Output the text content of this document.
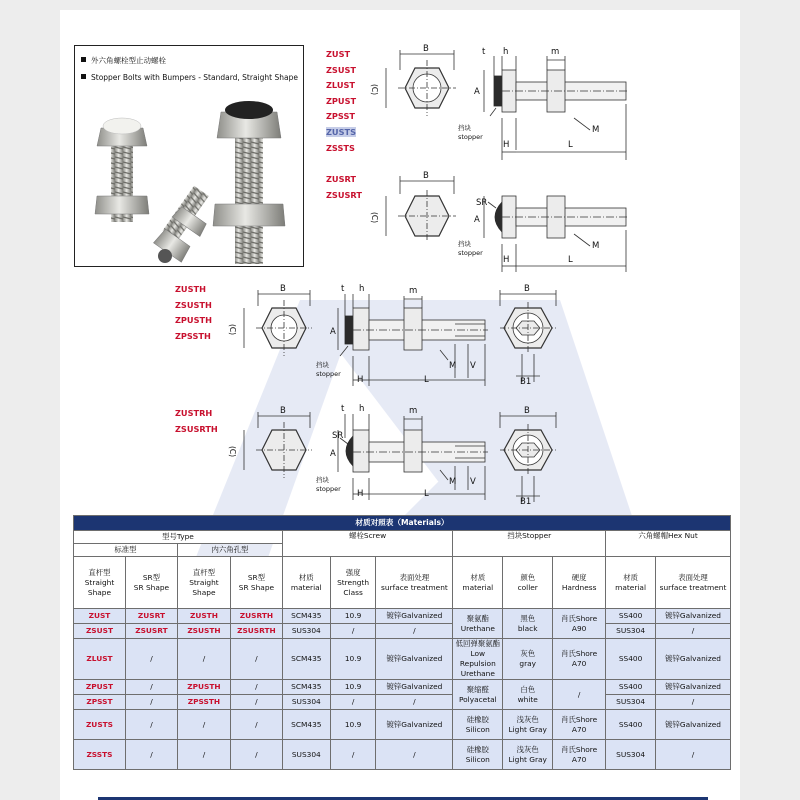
外六角螺栓型止动螺栓
Stopper Bolts with Bumpers - Standard, Straight Shape
ZUST
ZSUST
ZLUST
ZPUST
ZPSST
ZUSTS
ZSSTS
ZUSRT
ZSUSRT
ZUSTH
ZSUSTH
ZPUSTH
ZPSSTH
ZUSTRH
ZSUSRTH
B
(C)
t h	m
A
M
H	L
挡块
stopper
B
(C)
SR
A
M
H	L
挡块
stopper
B
(C)
t h	m
A
M V
H	L
B
B1
挡块
stopper
B
(C)
t h	m
SR
A
M V
H	L
B
B1
挡块
stopper
材质对照表（Materials）											
型号Type				螺栓Screw			挡块Stopper			六角螺帽Hex Nut	
标准型		内六角孔型									
直杆型
Straight
Shape	SR型
SR Shape	直杆型
Straight
Shape	SR型
SR Shape	材质
material	强度
Strength
Class	表面处理
surface treatment	材质
material	颜色
coller	硬度
Hardness	材质
material	表面处理
surface treatment
ZUST	ZUSRT	ZUSTH	ZUSRTH	SCM435	10.9	镀锌Galvanized	聚氨酯
Urethane	黑色
black	肖氏Shore
A90	SS400	镀锌Galvanized
ZSUST	ZSUSRT	ZSUSTH	ZSUSRTH	SUS304	/	/				SUS304	/
ZLUST	/	/	/	SCM435	10.9	镀锌Galvanized	低回弹聚氨酯
Low Repulsion
Urethane	灰色
gray	肖氏Shore
A70	SS400	镀锌Galvanized
ZPUST	/	ZPUSTH	/	SCM435	10.9	镀锌Galvanized	聚缩醛
Polyacetal	白色
white	/	SS400	镀锌Galvanized
ZPSST	/	ZPSSTH	/	SUS304	/	/				SUS304	/
ZUSTS	/	/	/	SCM435	10.9	镀锌Galvanized	硅橡胶
Silicon	浅灰色
Light Gray	肖氏Shore
A70	SS400	镀锌Galvanized
ZSSTS	/	/	/	SUS304	/	/	硅橡胶
Silicon	浅灰色
Light Gray	肖氏Shore
A70	SUS304	/
